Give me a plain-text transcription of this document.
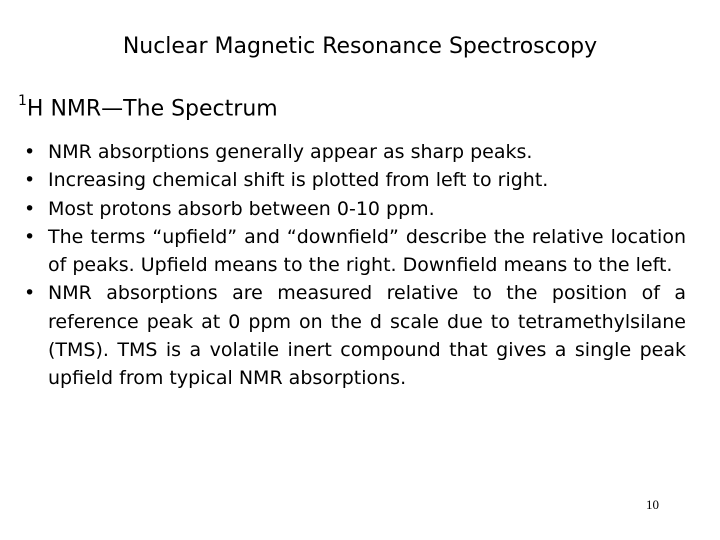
Nuclear Magnetic Resonance Spectroscopy
$^1$H NMR—The Spectrum
• NMR absorptions generally appear as sharp peaks.
• Increasing chemical shift is plotted from left to right.
• Most protons absorb between 0-10 ppm.
• The terms “upfield” and “downfield” describe the relative location of peaks. Upfield means to the right. Downfield means to the left.
• NMR absorptions are measured relative to the position of a reference peak at 0 ppm on the d scale due to tetramethylsilane (TMS). TMS is a volatile inert compound that gives a single peak upfield from typical NMR absorptions.
10
